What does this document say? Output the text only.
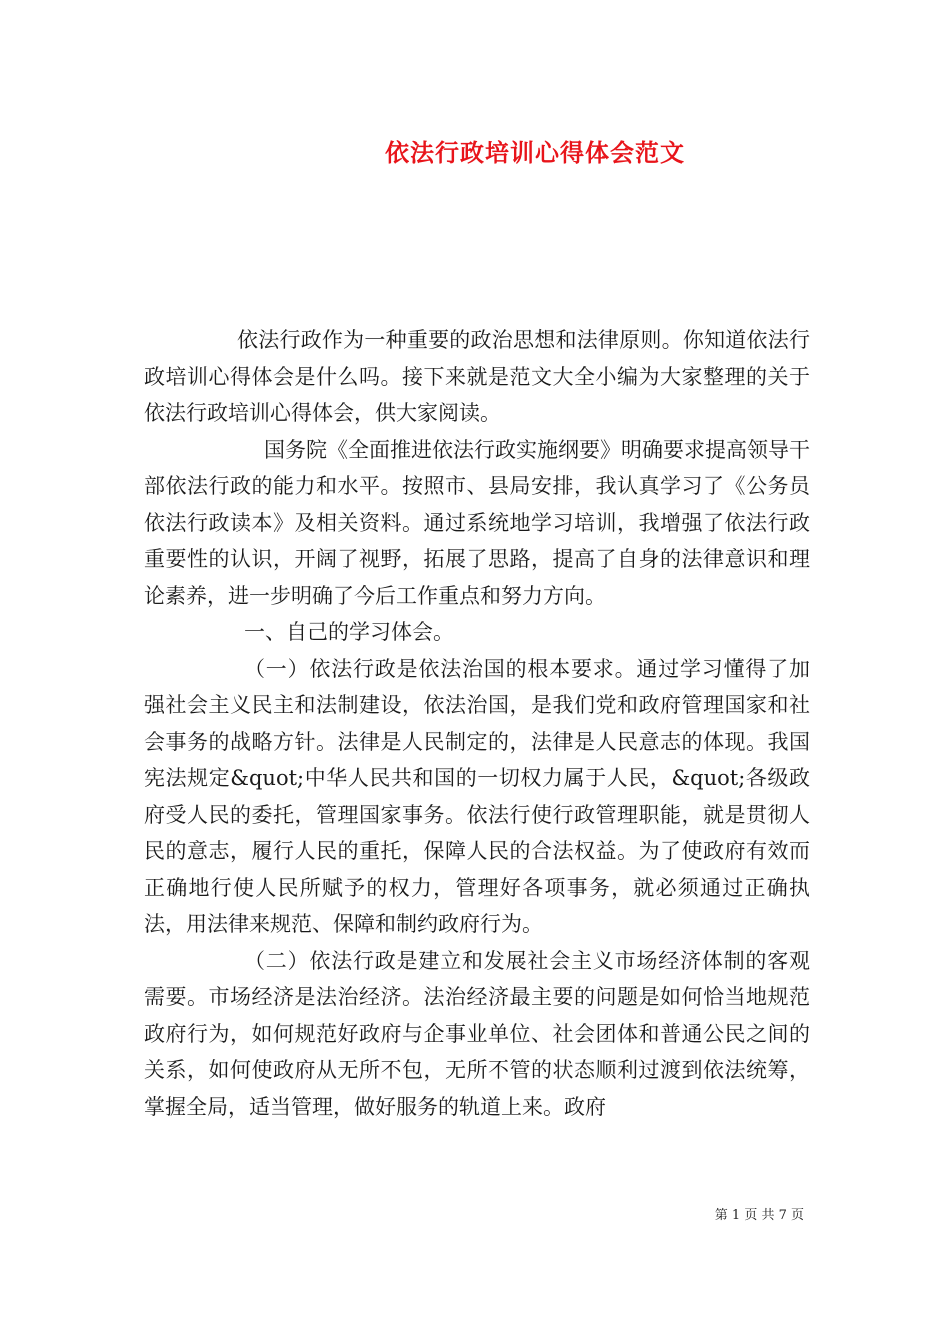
依法行政培训心得体会范文

依法行政作为一种重要的政治思想和法律原则。你知道依法行政培训心得体会是什么吗。接下来就是范文大全小编为大家整理的关于依法行政培训心得体会，供大家阅读。

国务院《全面推进依法行政实施纲要》明确要求提高领导干部依法行政的能力和水平。按照市、县局安排，我认真学习了《公务员依法行政读本》及相关资料。通过系统地学习培训，我增强了依法行政重要性的认识，开阔了视野，拓展了思路，提高了自身的法律意识和理论素养，进一步明确了今后工作重点和努力方向。

一、自己的学习体会。

（一）依法行政是依法治国的根本要求。通过学习懂得了加强社会主义民主和法制建设，依法治国，是我们党和政府管理国家和社会事务的战略方针。法律是人民制定的，法律是人民意志的体现。我国宪法规定&quot;中华人民共和国的一切权力属于人民，&quot;各级政府受人民的委托，管理国家事务。依法行使行政管理职能，就是贯彻人民的意志，履行人民的重托，保障人民的合法权益。为了使政府有效而正确地行使人民所赋予的权力，管理好各项事务，就必须通过正确执法，用法律来规范、保障和制约政府行为。

（二）依法行政是建立和发展社会主义市场经济体制的客观需要。市场经济是法治经济。法治经济最主要的问题是如何恰当地规范政府行为，如何规范好政府与企事业单位、社会团体和普通公民之间的关系，如何使政府从无所不包，无所不管的状态顺利过渡到依法统筹，掌握全局，适当管理，做好服务的轨道上来。政府

第 1 页 共 7 页
